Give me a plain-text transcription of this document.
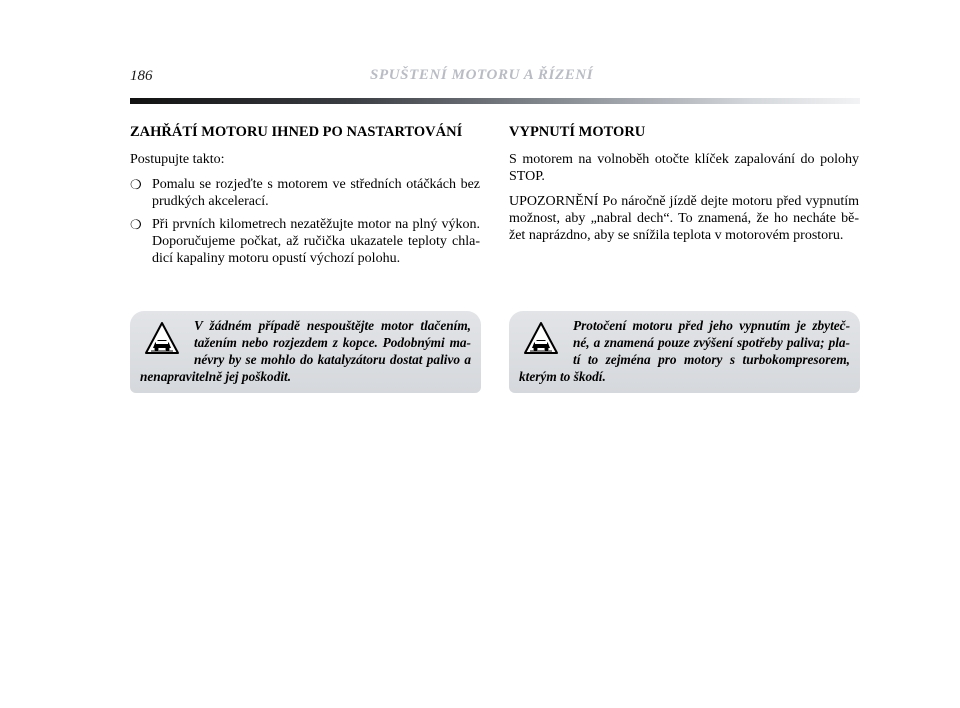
186	SPUŠTENÍ MOTORU A ŘÍZENÍ
ZAHŘÁTÍ MOTORU IHNED PO NASTARTOVÁNÍ

Postupujte takto:

❍ Pomalu se rozjeďte s motorem ve středních otáčkách bez prudkých akcelerací.
❍ Při prvních kilometrech nezatěžujte motor na plný výkon. Doporučujeme počkat, až ručička ukazatele teploty chla- dicí kapaliny motoru opustí výchozí polohu.
VYPNUTÍ MOTORU

S motorem na volnoběh otočte klíček zapalování do polohy STOP.

UPOZORNĚNÍ Po náročně jízdě dejte motoru před vypnutím možnost, aby „nabral dech“. To znamená, že ho necháte bě- žet naprázdno, aby se snížila teplota v motorovém prostoru.

V žádném případě nespouštějte motor tlačením, tažením nebo rozjezdem z kopce. Podobnými ma- névry by se mohlo do katalyzátoru dostat palivo a nenapravitelně jej poškodit.

Protočení motoru před jeho vypnutím je zbyteč- né, a znamená pouze zvýšení spotřeby paliva; pla- tí to zejména pro motory s turbokompresorem, kterým to škodí.
